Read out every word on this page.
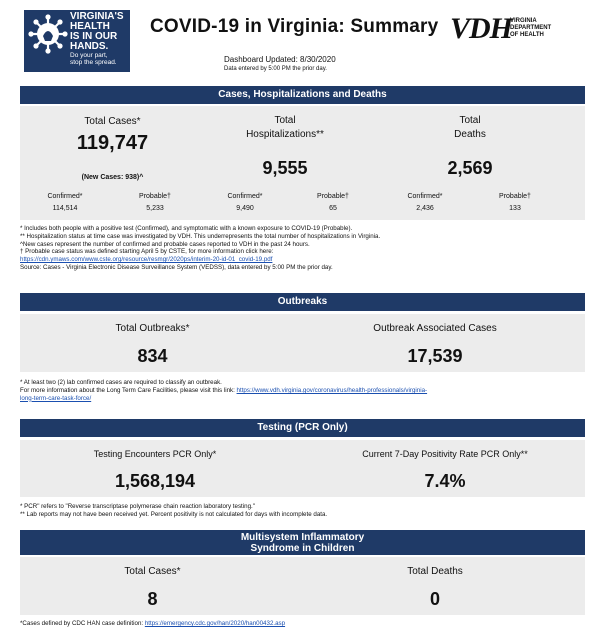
VIRGINIA'S
HEALTH
IS IN OUR
HANDS.
Do your part,
stop the spread.
COVID-19 in Virginia: Summary VDH
VIRGINIA
DEPARTMENT
OF HEALTH
Dashboard Updated: 8/30/2020
Data entered by 5:00 PM the prior day.
Cases, Hospitalizations and Deaths
Total Cases*
119,747
(New Cases: 938)^
Total
Hospitalizations**
9,555
Total
Deaths
2,569
Confirmed*
114,514
Probable†
5,233
Confirmed*
9,490
Probable†
65
Confirmed*
2,436
Probable†
133
* Includes both people with a positive test (Confirmed), and symptomatic with a known exposure to COVID-19 (Probable).
** Hospitalization status at time case was investigated by VDH. This underrepresents the total number of hospitalizations in Virginia.
^New cases represent the number of confirmed and probable cases reported to VDH in the past 24 hours.
† Probable case status was defined starting April 5 by CSTE, for more information click here:
https://cdn.ymaws.com/www.cste.org/resource/resmgr/2020ps/interim-20-id-01_covid-19.pdf
Source: Cases - Virginia Electronic Disease Surveillance System (VEDSS), data entered by 5:00 PM the prior day.
Outbreaks
Total Outbreaks*
834
Outbreak Associated Cases
17,539
* At least two (2) lab confirmed cases are required to classify an outbreak.
For more information about the Long Term Care Facilities, please visit this link: https://www.vdh.virginia.gov/coronavirus/health-professionals/virginia-
long-term-care-task-force/
Testing (PCR Only)
Testing Encounters PCR Only*
1,568,194
Current 7-Day Positivity Rate PCR Only**
7.4%
* PCR" refers to "Reverse transcriptase polymerase chain reaction laboratory testing."
** Lab reports may not have been received yet. Percent positivity is not calculated for days with incomplete data.
Multisystem Inflammatory
Syndrome in Children
Total Cases*
8
Total Deaths
0
*Cases defined by CDC HAN case definition: https://emergency.cdc.gov/han/2020/han00432.asp
